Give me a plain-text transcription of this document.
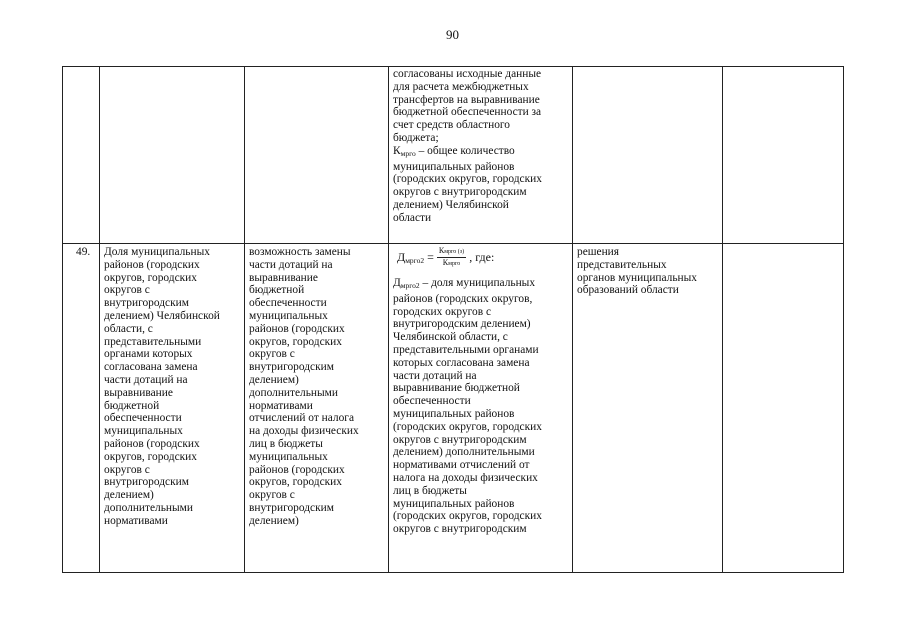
90
согласованы исходные данные
для расчета межбюджетных
трансфертов на выравнивание
бюджетной обеспеченности за
счет средств областного
бюджета;
$К_{мрго}$ – общее количество
муниципальных районов
(городских округов, городских
округов с внутригородским
делением) Челябинской
области
49.	Доля муниципальных
районов (городских
округов, городских
округов с
внутригородским
делением) Челябинской
области, с
представительными
органами которых
согласована замена
части дотаций на
выравнивание
бюджетной
обеспеченности
муниципальных
районов (городских
округов, городских
округов с
внутригородским
делением)
дополнительными
нормативами
возможность замены
части дотаций на
выравнивание
бюджетной
обеспеченности
муниципальных
районов (городских
округов, городских
округов с
внутригородским
делением)
дополнительными
нормативами
отчислений от налога
на доходы физических
лиц в бюджеты
муниципальных
районов (городских
округов, городских
округов с
внутригородским
делением)
$Д_{мрго2} = \frac{\text{Кмрго (з)}}{\text{Кмрго}}$ , где:
$Д_{мрго2}$ – доля муниципальных
районов (городских округов,
городских округов с
внутригородским делением)
Челябинской области, с
представительными органами
которых согласована замена
части дотаций на
выравнивание бюджетной
обеспеченности
муниципальных районов
(городских округов, городских
округов с внутригородским
делением) дополнительными
нормативами отчислений от
налога на доходы физических
лиц в бюджеты
муниципальных районов
(городских округов, городских
округов с внутригородским
решения
представительных
органов муниципальных
образований области
